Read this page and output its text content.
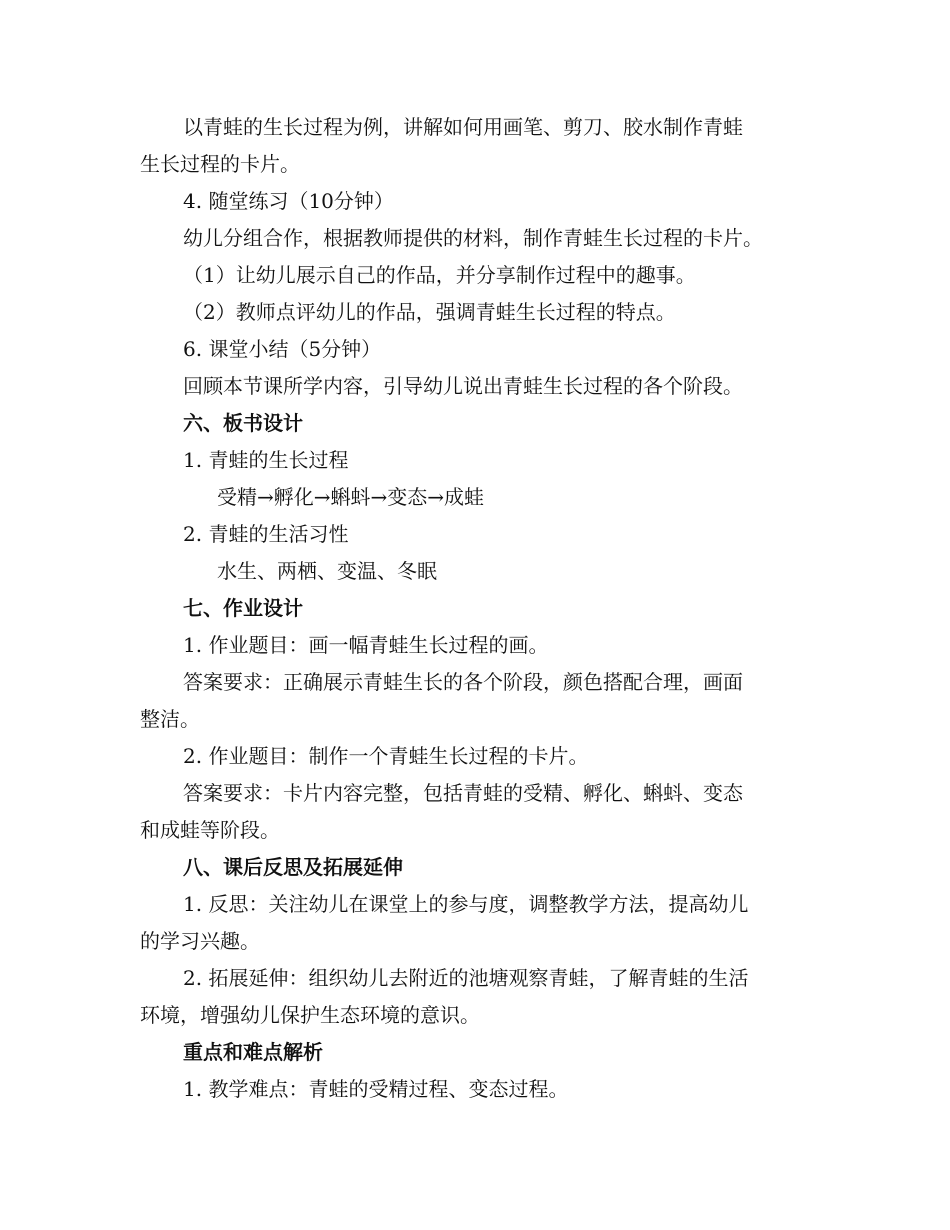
以青蛙的生长过程为例，讲解如何用画笔、剪刀、胶水制作青蛙
生长过程的卡片。
4. 随堂练习（10分钟）
幼儿分组合作，根据教师提供的材料，制作青蛙生长过程的卡片。
（1）让幼儿展示自己的作品，并分享制作过程中的趣事。
（2）教师点评幼儿的作品，强调青蛙生长过程的特点。
6. 课堂小结（5分钟）
回顾本节课所学内容，引导幼儿说出青蛙生长过程的各个阶段。
六、板书设计
1. 青蛙的生长过程
受精→孵化→蝌蚪→变态→成蛙
2. 青蛙的生活习性
水生、两栖、变温、冬眠
七、作业设计
1. 作业题目：画一幅青蛙生长过程的画。
答案要求：正确展示青蛙生长的各个阶段，颜色搭配合理，画面
整洁。
2. 作业题目：制作一个青蛙生长过程的卡片。
答案要求：卡片内容完整，包括青蛙的受精、孵化、蝌蚪、变态
和成蛙等阶段。
八、课后反思及拓展延伸
1. 反思：关注幼儿在课堂上的参与度，调整教学方法，提高幼儿
的学习兴趣。
2. 拓展延伸：组织幼儿去附近的池塘观察青蛙，了解青蛙的生活
环境，增强幼儿保护生态环境的意识。
重点和难点解析
1. 教学难点：青蛙的受精过程、变态过程。
